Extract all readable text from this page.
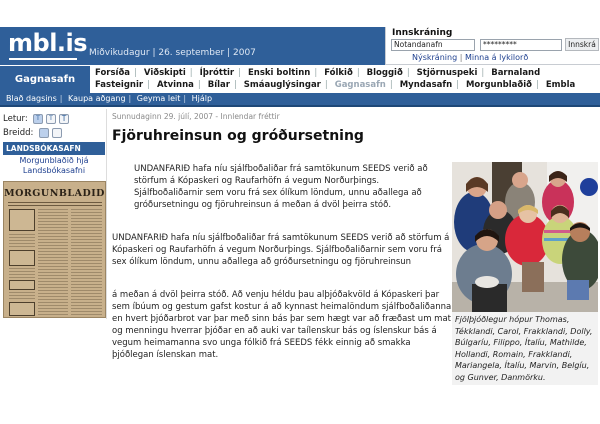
mbl.is Miðvikudagur | 26. september | 2007
Innskráning
Notandanafn	*********	Innskrá
Nýskráning | Minna á lykilorð
Gagnasafn
Forsíða | Viðskipti | Íþróttir | Enski boltinn | Fólkið | Bloggið | Stjörnuspeki | Barnaland
Fasteignir | Atvinna | Bílar | Smáauglýsingar | Gagnasafn | Myndasafn | Morgunblaðið | Embla
Blað dagsins | Kaupa aðgang | Geyma leit | Hjálp
Letur:	T	T	T
Breidd:
LANDSBÓKASAFN
Morgunblaðið hjá
Landsbókasafni
MORGUNBLADID
Sunnudaginn 29. júlí, 2007 - Innlendar fréttir
Fjöruhreinsun og gróðursetning
UNDANFARIÐ hafa níu sjálfboðaliðar frá samtökunum SEEDS verið að störfum á Kópaskeri og Raufarhöfn á vegum Norðurþings. Sjálfboðaliðarnir sem voru frá sex ólíkum löndum, unnu aðallega að gróðursetningu og fjöruhreinsun á meðan á dvöl þeirra stóð.
UNDANFARIÐ hafa níu sjálfboðaliðar frá samtökunum SEEDS verið að störfum á Kópaskeri og Raufarhöfn á vegum Norðurþings. Sjálfboðaliðarnir sem voru frá sex ólíkum löndum, unnu aðallega að gróðursetningu og fjöruhreinsun
á meðan á dvöl þeirra stóð. Að venju héldu þau alþjóðakvöld á Kópaskeri þar sem íbúum og gestum gafst kostur á að kynnast heimalöndum sjálfboðaliðanna en hvert þjóðarbrot var þar með sinn bás þar sem hægt var að fræðast um mat og menningu hverrar þjóðar en að auki var taílenskur bás og íslenskur bás á vegum heimamanna svo unga fólkið frá SEEDS fékk einnig að smakka þjóðlegan íslenskan mat.
Fjölþjóðlegur hópur Thomas, Tékklandi, Carol, Frakklandi, Dolly, Búlgaríu, Filippo, Ítalíu, Mathilde, Hollandi, Romain, Frakklandi, Mariangela, Ítalíu, Marvin, Belgíu, og Gunver, Danmörku.
